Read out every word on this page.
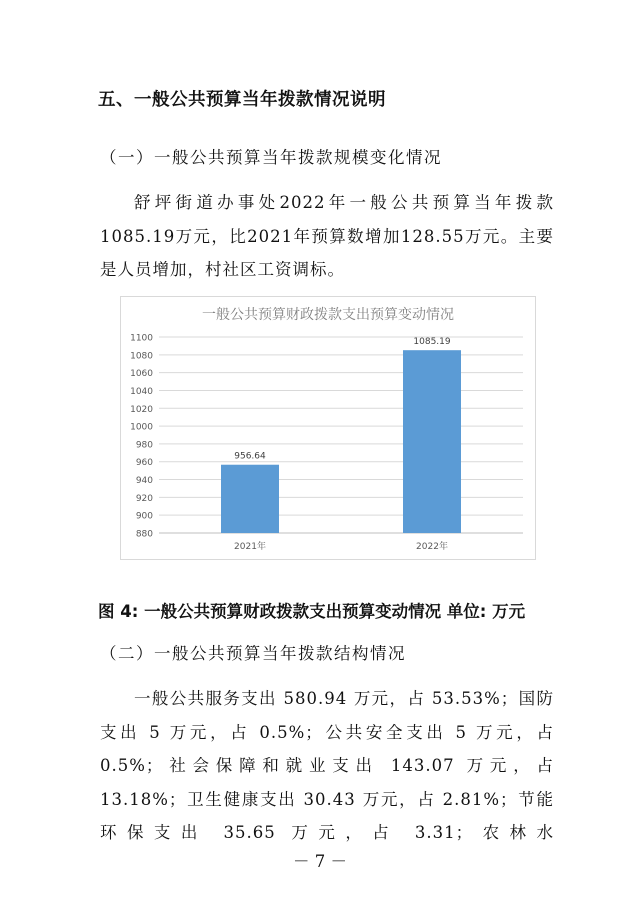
五、一般公共预算当年拨款情况说明
（一）一般公共预算当年拨款规模变化情况

舒坪街道办事处2022年一般公共预算当年拨款1085.19万元，比2021年预算数增加128.55万元。主要是人员增加，村社区工资调标。

一般公共预算财政拨款支出预算变动情况
880
900
920
940
960
980
1000
1020
1040
1060
1080
1100
956.64
1085.19
2021年	2022年
图 4: 一般公共预算财政拨款支出预算变动情况 单位: 万元
（二）一般公共预算当年拨款结构情况

一般公共服务支出 580.94 万元，占 53.53%；国防支出 5 万元，占 0.5%；公共安全支出 5 万元，占 0.5%；社会保障和就业支出 143.07 万元，占 13.18%；卫生健康支出 30.43 万元，占 2.81%；节能环保支出 35.65 万元，占 3.31；农林水

－ 7 －
